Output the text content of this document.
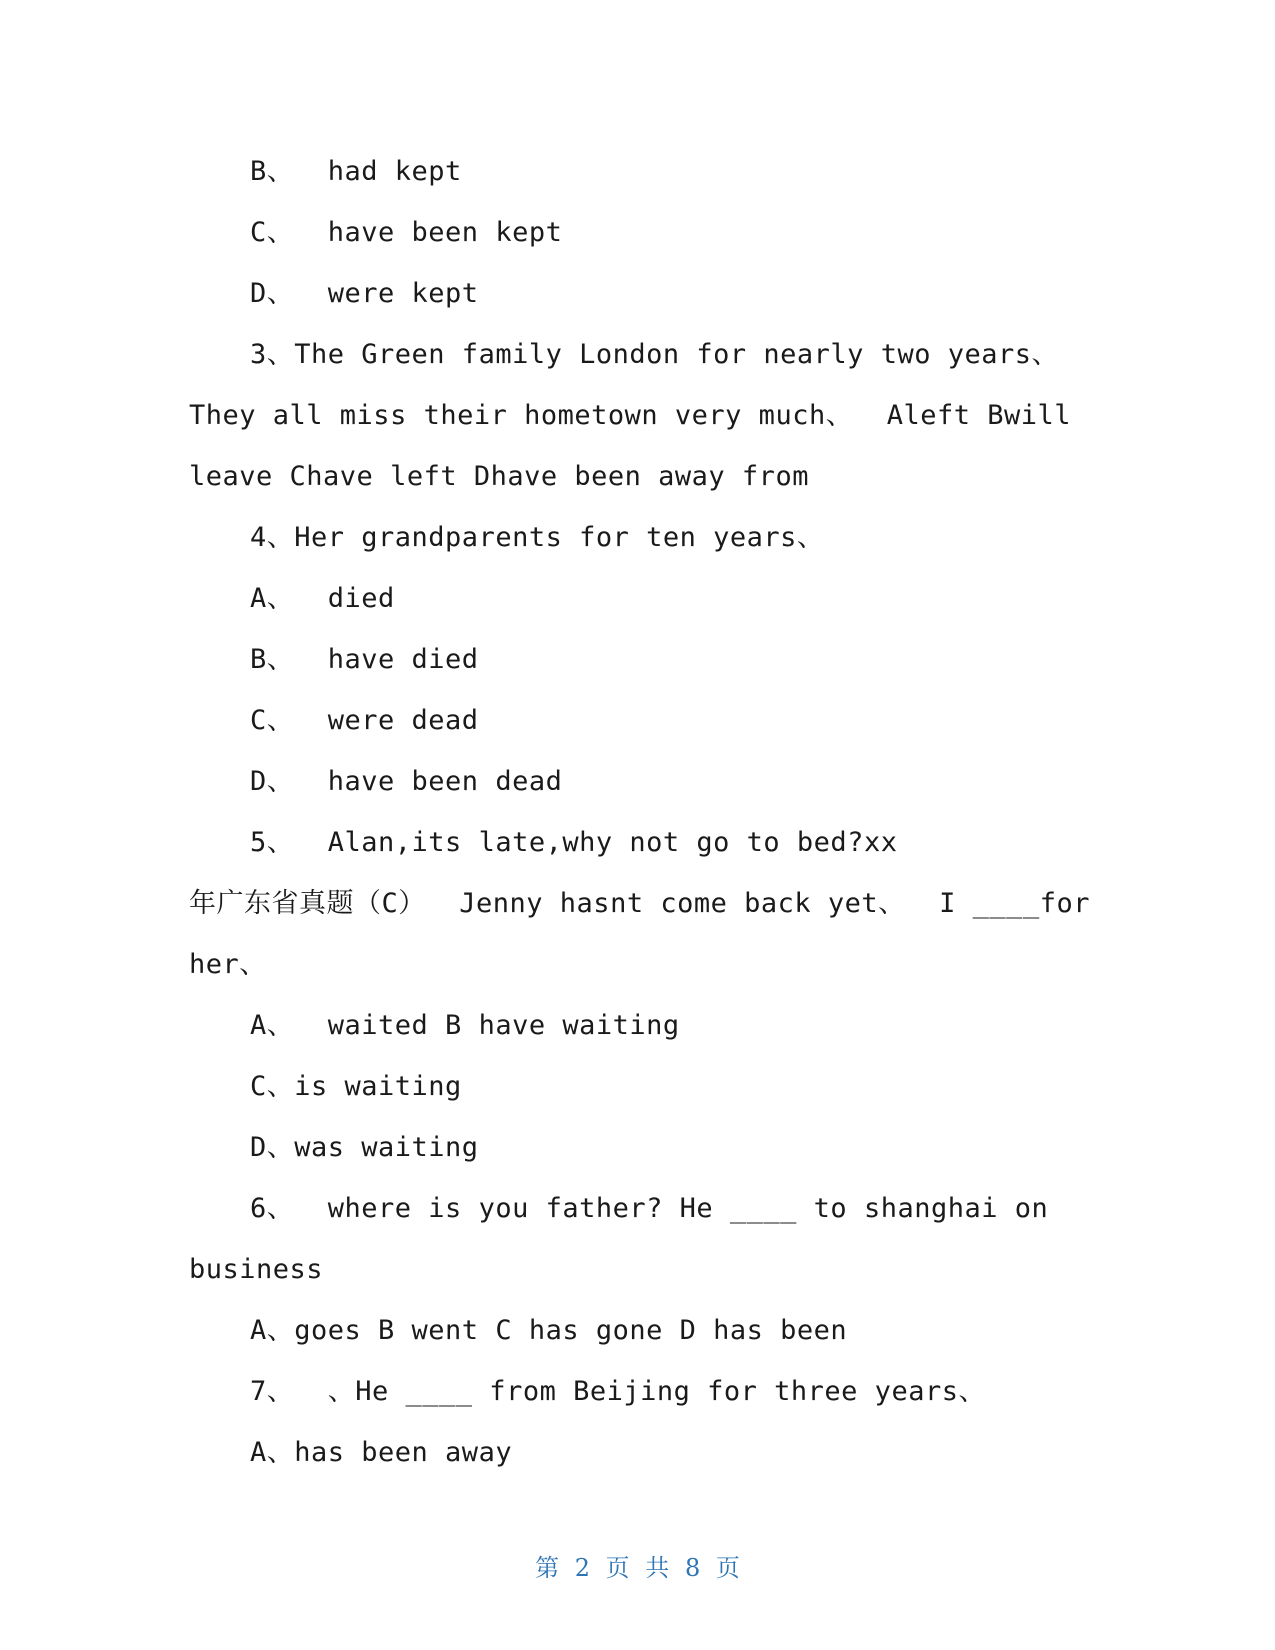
B、  had kept
C、  have been kept
D、  were kept
3、The Green family London for nearly two years、
They all miss their hometown very much、  Aleft Bwill
leave Chave left Dhave been away from
4、Her grandparents for ten years、
A、  died
B、  have died
C、  were dead
D、  have been dead
5、  Alan,its late,why not go to bed?xx
年广东省真题（C）  Jenny hasnt come back yet、  I ____for
her、
A、  waited B have waiting
C、is waiting
D、was waiting
6、  where is you father? He ____ to shanghai on
business
A、goes B went C has gone D has been
7、  、He ____ from Beijing for three years、
A、has been away
第 2 页 共 8 页
